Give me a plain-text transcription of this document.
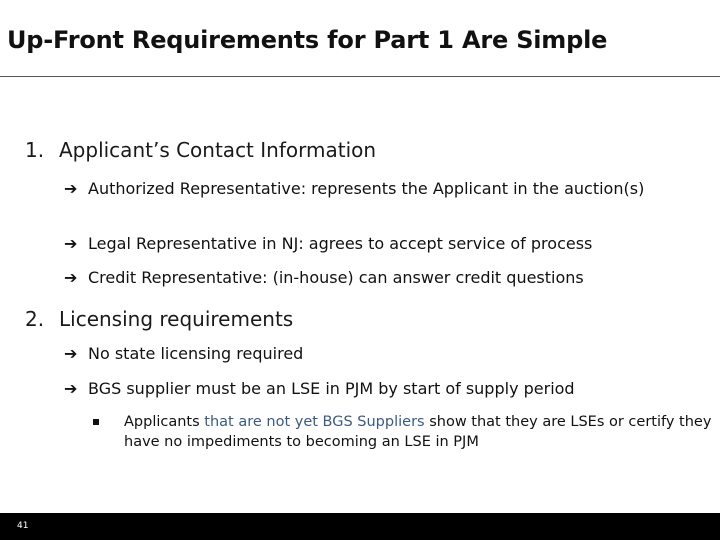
Up-Front Requirements for Part 1 Are Simple
1. Applicant’s Contact Information
➔ Authorized Representative: represents the Applicant in the auction(s)
➔ Legal Representative in NJ: agrees to accept service of process
➔ Credit Representative: (in-house) can answer credit questions
2. Licensing requirements
➔ No state licensing required
➔ BGS supplier must be an LSE in PJM by start of supply period
Applicants that are not yet BGS Suppliers show that they are LSEs or certify they have no impediments to becoming an LSE in PJM
41
